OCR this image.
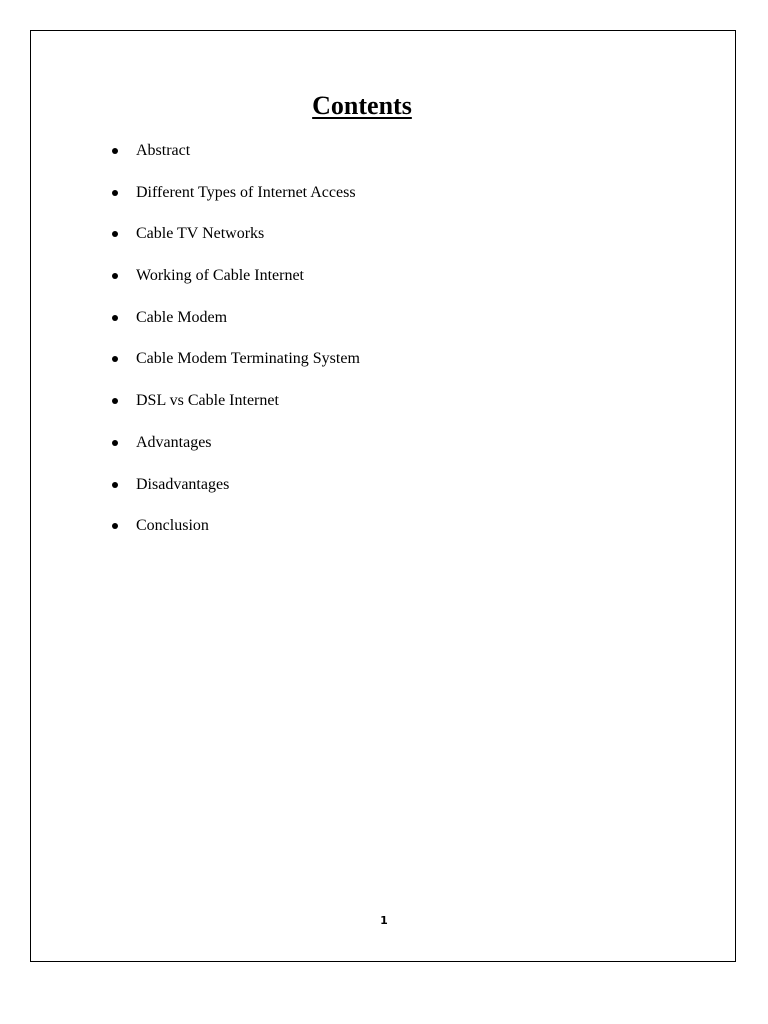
Contents
Abstract
Different Types of Internet Access
Cable TV Networks
Working of Cable Internet
Cable Modem
Cable Modem Terminating System
DSL vs Cable Internet
Advantages
Disadvantages
Conclusion
1
